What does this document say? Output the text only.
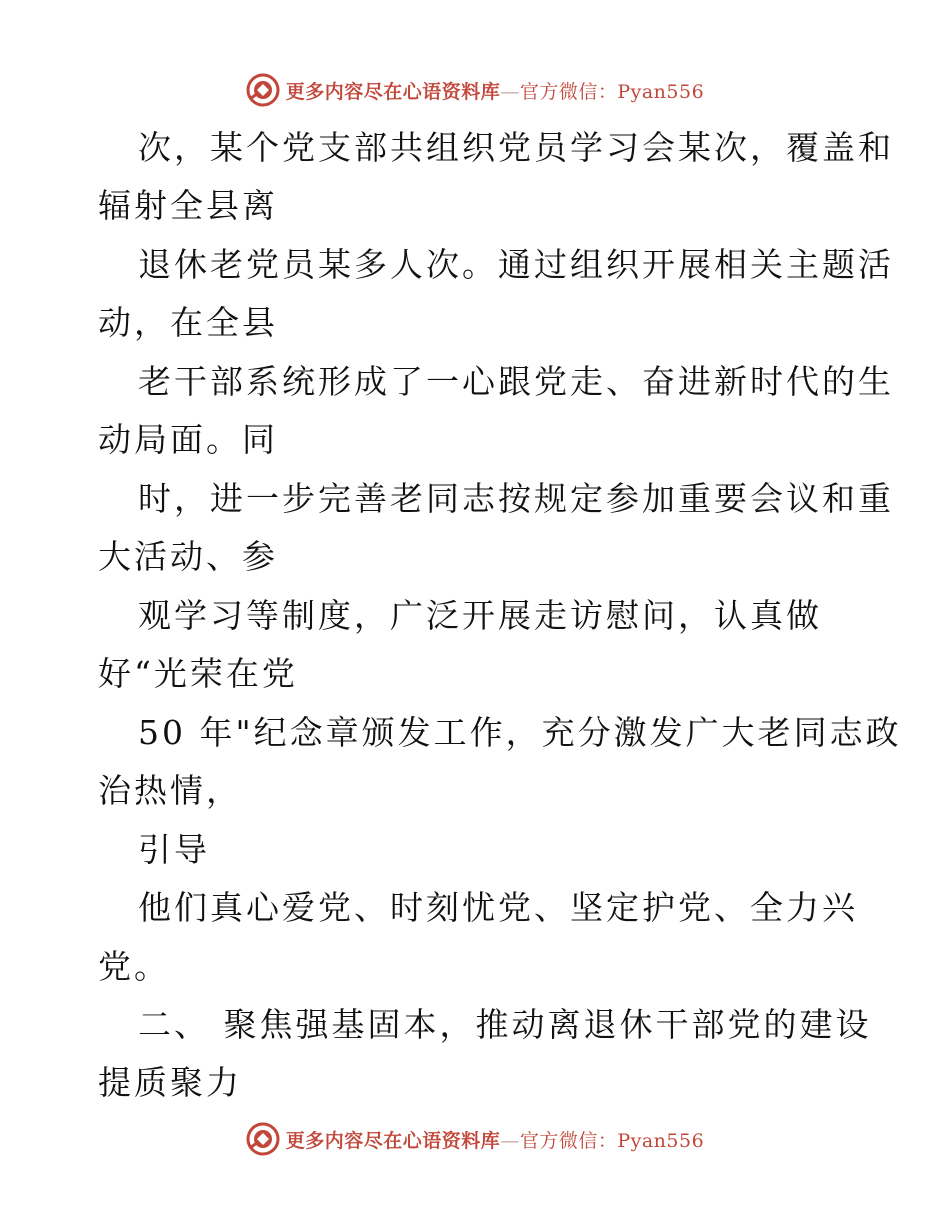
更多内容尽在心语资料库—官方微信：Pyan556
次，某个党支部共组织党员学习会某次，覆盖和
辐射全县离
退休老党员某多人次。通过组织开展相关主题活
动，在全县
老干部系统形成了一心跟党走、奋进新时代的生
动局面。同
时，进一步完善老同志按规定参加重要会议和重
大活动、参
观学习等制度，广泛开展走访慰问，认真做
好“光荣在党
50 年"纪念章颁发工作，充分激发广大老同志政
治热情，
引导
他们真心爱党、时刻忧党、坚定护党、全力兴
党。
二、 聚焦强基固本，推动离退休干部党的建设
提质聚力
更多内容尽在心语资料库—官方微信：Pyan556
